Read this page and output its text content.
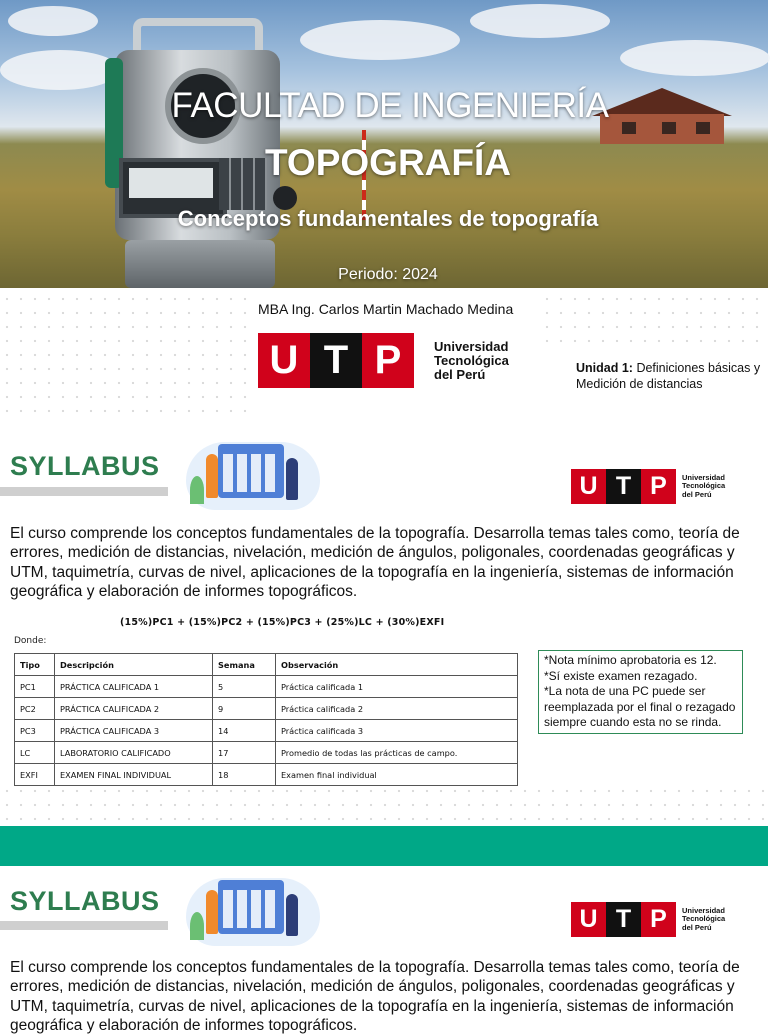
FACULTAD DE INGENIERÍA
TOPOGRAFÍA
Conceptos fundamentales de topografía
Periodo: 2024
MBA Ing. Carlos Martin Machado Medina
U T P	Universidad
Tecnológica
del Perú	Unidad 1: Definiciones básicas y Medición de distancias
SYLLABUS
U T P	Universidad
Tecnológica
del Perú
El curso comprende los conceptos fundamentales de la topografía. Desarrolla temas tales como, teoría de errores, medición de distancias, nivelación, medición de ángulos, poligonales, coordenadas geográficas y UTM, taquimetría, curvas de nivel, aplicaciones de la topografía en la ingeniería, sistemas de información geográfica y elaboración de informes topográficos.
(15%)PC1 + (15%)PC2 + (15%)PC3 + (25%)LC + (30%)EXFI
Donde:
Tipo	Descripción	Semana	Observación
PC1	PRÁCTICA CALIFICADA 1	5	Práctica calificada 1
PC2	PRÁCTICA CALIFICADA 2	9	Práctica calificada 2
PC3	PRÁCTICA CALIFICADA 3	14	Práctica calificada 3
LC	LABORATORIO CALIFICADO	17	Promedio de todas las prácticas de campo.
EXFI	EXAMEN FINAL INDIVIDUAL	18	Examen final individual
*Nota mínimo aprobatoria es 12.
*Sí existe examen rezagado.
*La nota de una PC puede ser reemplazada por el final o rezagado siempre cuando esta no se rinda.
SYLLABUS
U T P	Universidad
Tecnológica
del Perú
El curso comprende los conceptos fundamentales de la topografía. Desarrolla temas tales como, teoría de errores, medición de distancias, nivelación, medición de ángulos, poligonales, coordenadas geográficas y UTM, taquimetría, curvas de nivel, aplicaciones de la topografía en la ingeniería, sistemas de información geográfica y elaboración de informes topográficos.
